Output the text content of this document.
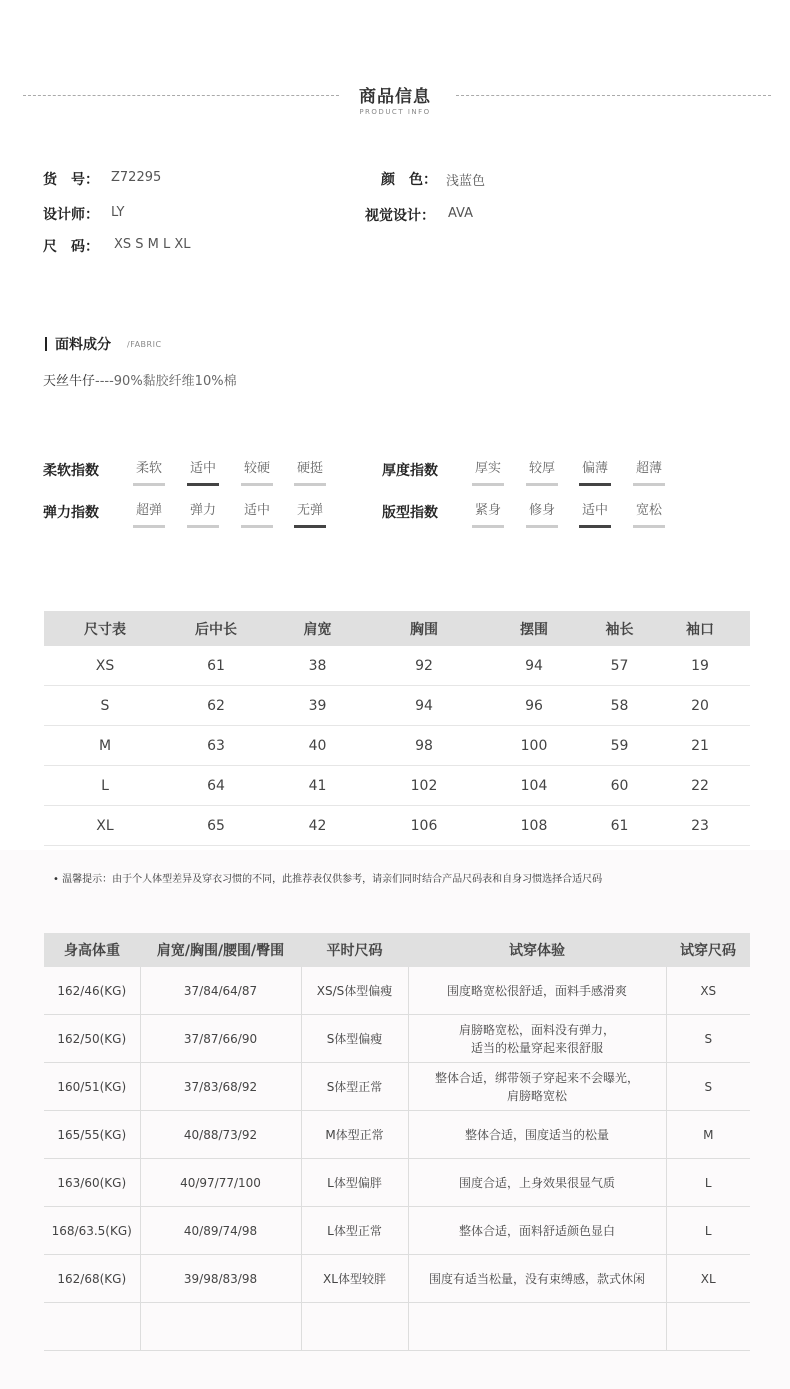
商品信息
PRODUCT INFO
货　号： Z72295	颜　色： 浅蓝色
设计师： LY	视觉设计： AVA
尺　码： XS S M L XL
面料成分 /FABRIC
天丝牛仔----90%黏胶纤维10%棉
柔软指数	柔软 适中 较硬 硬挺	厚度指数	厚实 较厚 偏薄 超薄
弹力指数	超弹 弹力 适中 无弹	版型指数	紧身 修身 适中 宽松
尺寸表	后中长	肩宽	胸围	摆围	袖长	袖口
XS	61	38	92	94	57	19
S	62	39	94	96	58	20
M	63	40	98	100	59	21
L	64	41	102	104	60	22
XL	65	42	106	108	61	23
• 温馨提示：由于个人体型差异及穿衣习惯的不同，此推荐表仅供参考，请亲们同时结合产品尺码表和自身习惯选择合适尺码
身高体重	肩宽/胸围/腰围/臀围	平时尺码	试穿体验	试穿尺码
162/46(KG)	37/84/64/87	XS/S体型偏瘦	围度略宽松很舒适，面料手感滑爽	XS
162/50(KG)	37/87/66/90	S体型偏瘦	肩膀略宽松，面料没有弹力，
适当的松量穿起来很舒服	S
160/51(KG)	37/83/68/92	S体型正常	整体合适，绑带领子穿起来不会曝光，
肩膀略宽松	S
165/55(KG)	40/88/73/92	M体型正常	整体合适，围度适当的松量	M
163/60(KG)	40/97/77/100	L体型偏胖	围度合适，上身效果很显气质	L
168/63.5(KG)	40/89/74/98	L体型正常	整体合适，面料舒适颜色显白	L
162/68(KG)	39/98/83/98	XL体型较胖	围度有适当松量，没有束缚感，款式休闲	XL
